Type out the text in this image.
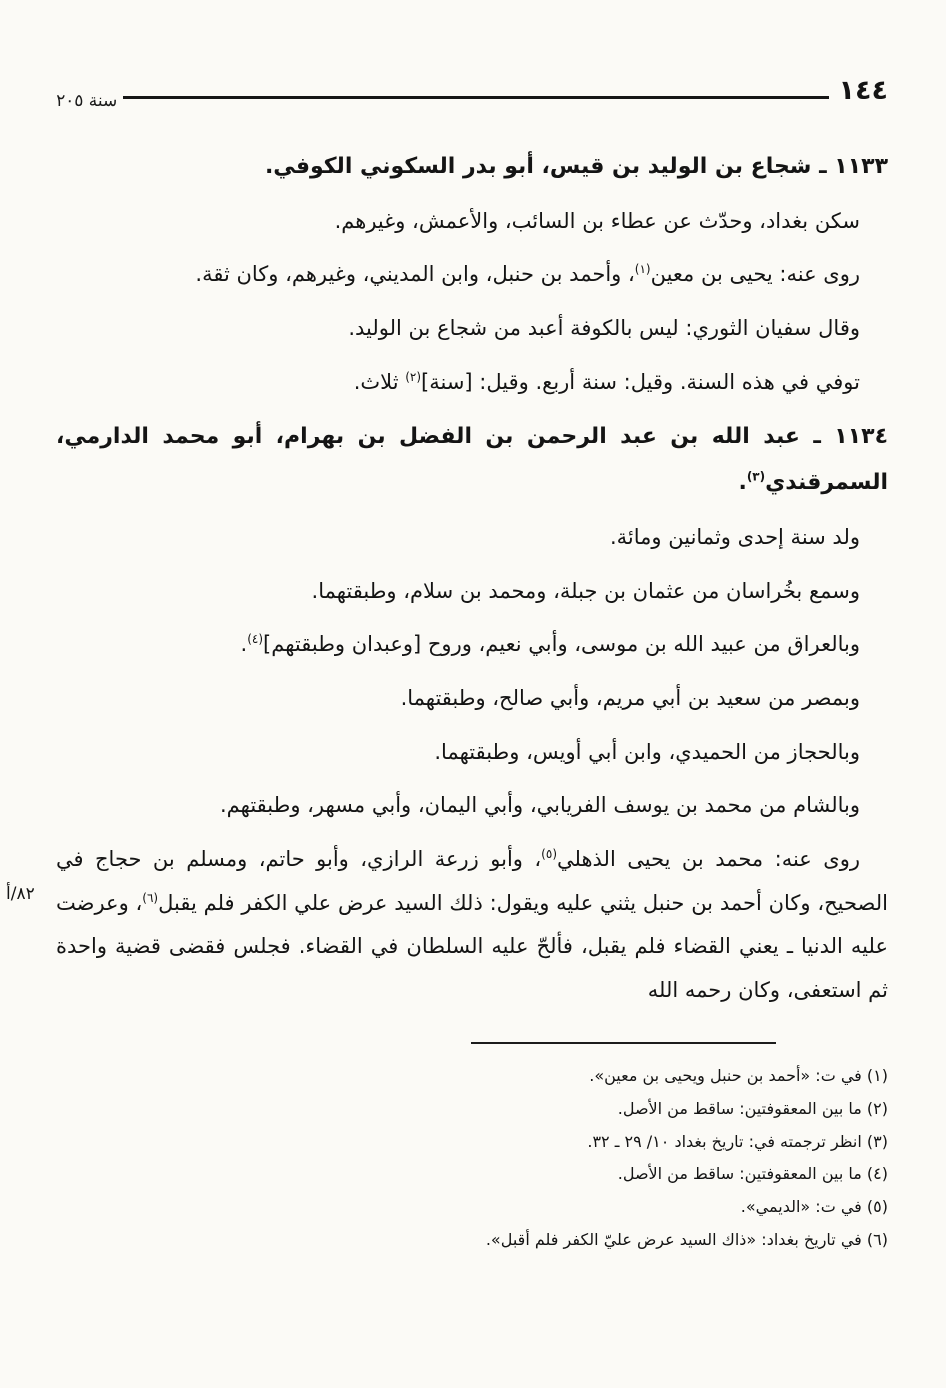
سنة ٢٠٥	١٤٤

١١٣٣ ـ شجاع بن الوليد بن قيس، أبو بدر السكوني الكوفي.

سكن بغداد، وحدّث عن عطاء بن السائب، والأعمش، وغيرهم.

روى عنه: يحيى بن معين$^{(١)}$، وأحمد بن حنبل، وابن المديني، وغيرهم، وكان ثقة.

وقال سفيان الثوري: ليس بالكوفة أعبد من شجاع بن الوليد.

توفي في هذه السنة. وقيل: سنة أربع. وقيل: [سنة]$^{(٢)}$ ثلاث.

١١٣٤ ـ عبد الله بن عبد الرحمن بن الفضل بن بهرام، أبو محمد الدارمي، السمرقندي$^{(٣)}$.

ولد سنة إحدى وثمانين ومائة.

وسمع بخُراسان من عثمان بن جبلة، ومحمد بن سلام، وطبقتهما.

وبالعراق من عبيد الله بن موسى، وأبي نعيم، وروح [وعبدان وطبقتهم]$^{(٤)}$.

وبمصر من سعيد بن أبي مريم، وأبي صالح، وطبقتهما.

وبالحجاز من الحميدي، وابن أبي أويس، وطبقتهما.

وبالشام من محمد بن يوسف الفريابي، وأبي اليمان، وأبي مسهر، وطبقتهم.

روى عنه: محمد بن يحيى الذهلي$^{(٥)}$، وأبو زرعة الرازي، وأبو حاتم، ومسلم بن حجاج في الصحيح، وكان أحمد بن حنبل يثني عليه ويقول: ذلك السيد عرض علي الكفر فلم يقبل$^{(٦)}$، وعرضت عليه الدنيا ـ يعني القضاء فلم يقبل، فألحّ عليه السلطان في القضاء. فجلس فقضى قضية واحدة ثم استعفى، وكان رحمه الله

٨٢/أ

(١) في ت: «أحمد بن حنبل ويحيى بن معين».

(٢) ما بين المعقوفتين: ساقط من الأصل.

(٣) انظر ترجمته في: تاريخ بغداد ١٠/ ٢٩ ـ ٣٢.

(٤) ما بين المعقوفتين: ساقط من الأصل.

(٥) في ت: «الديمي».

(٦) في تاريخ بغداد: «ذاك السيد عرض عليّ الكفر فلم أقبل».
